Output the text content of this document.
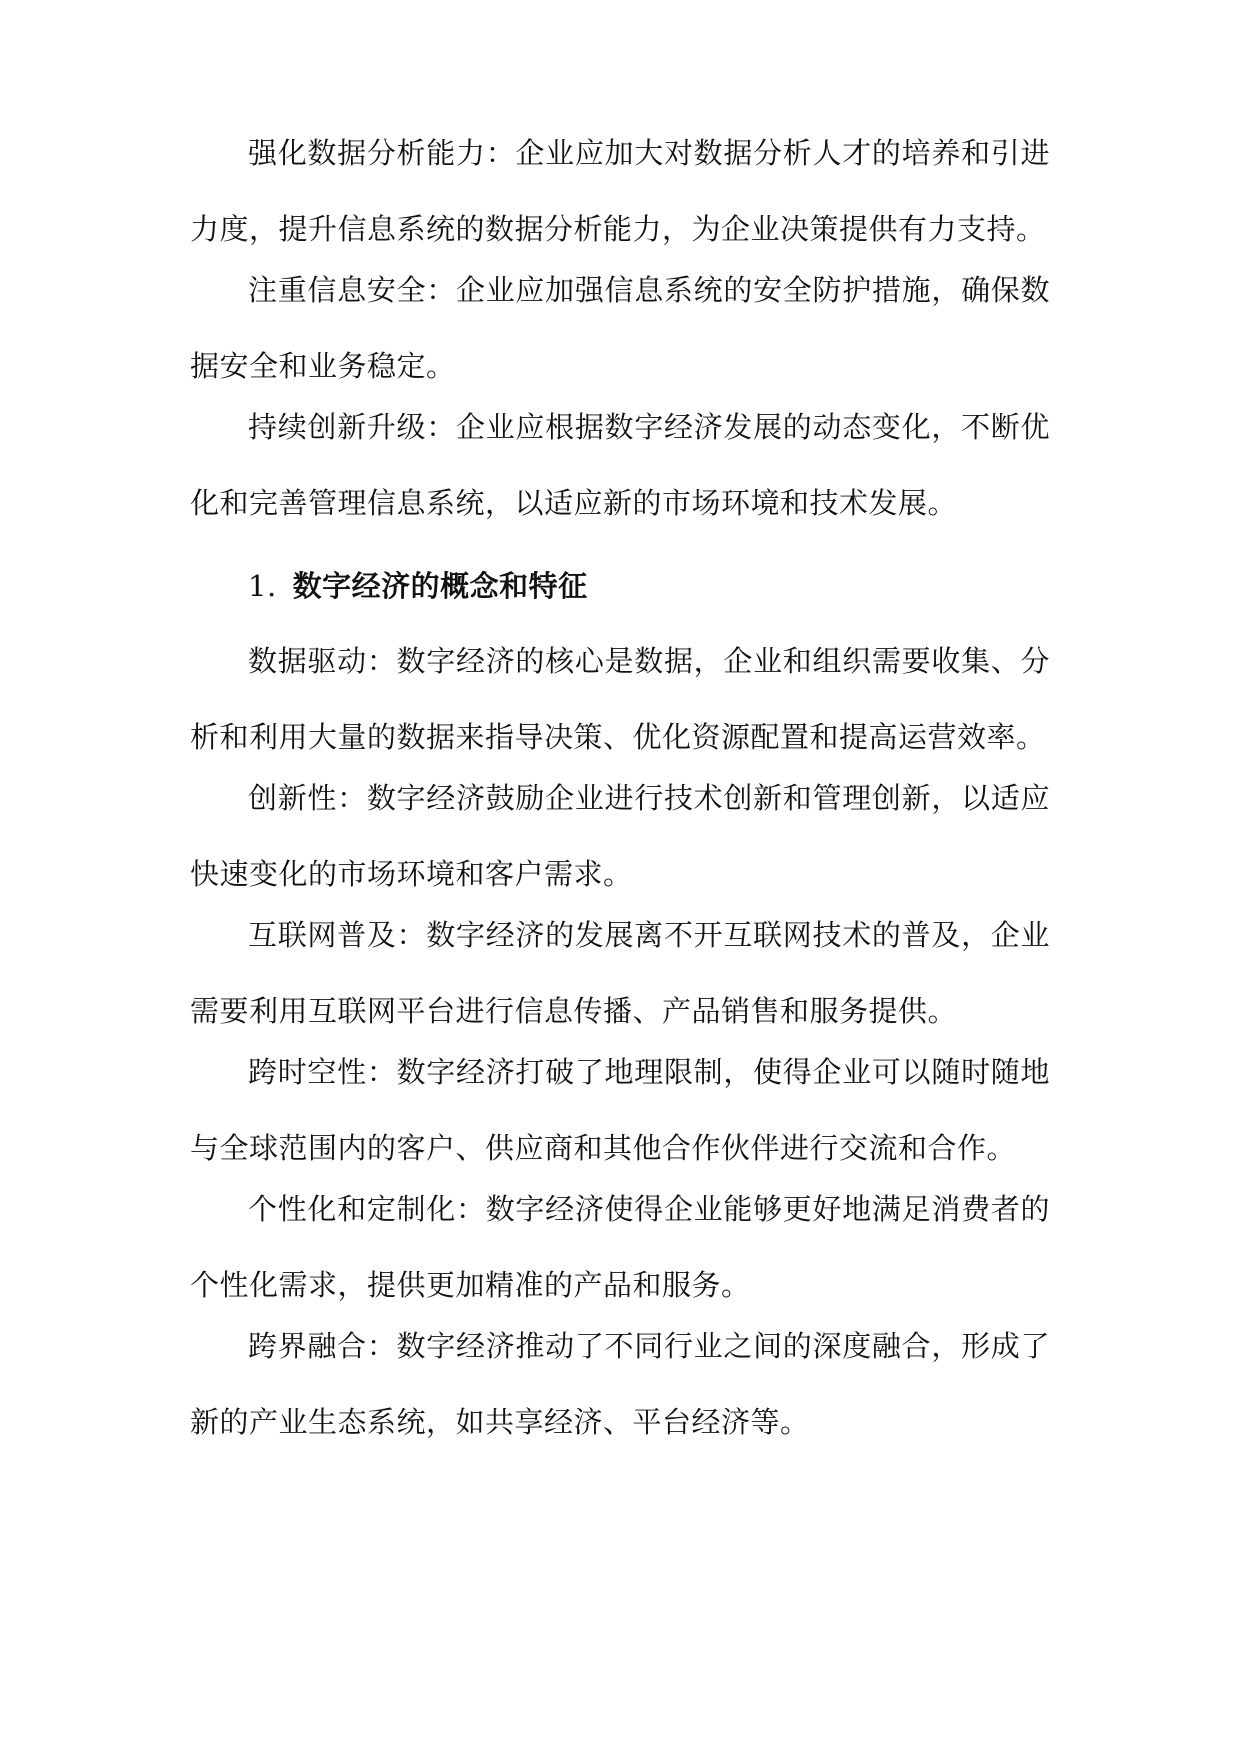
强化数据分析能力：企业应加大对数据分析人才的培养和引进力度，提升信息系统的数据分析能力，为企业决策提供有力支持。
注重信息安全：企业应加强信息系统的安全防护措施，确保数据安全和业务稳定。
持续创新升级：企业应根据数字经济发展的动态变化，不断优化和完善管理信息系统，以适应新的市场环境和技术发展。
1. 数字经济的概念和特征
数据驱动：数字经济的核心是数据，企业和组织需要收集、分析和利用大量的数据来指导决策、优化资源配置和提高运营效率。
创新性：数字经济鼓励企业进行技术创新和管理创新，以适应快速变化的市场环境和客户需求。
互联网普及：数字经济的发展离不开互联网技术的普及，企业需要利用互联网平台进行信息传播、产品销售和服务提供。
跨时空性：数字经济打破了地理限制，使得企业可以随时随地与全球范围内的客户、供应商和其他合作伙伴进行交流和合作。
个性化和定制化：数字经济使得企业能够更好地满足消费者的个性化需求，提供更加精准的产品和服务。
跨界融合：数字经济推动了不同行业之间的深度融合，形成了新的产业生态系统，如共享经济、平台经济等。
